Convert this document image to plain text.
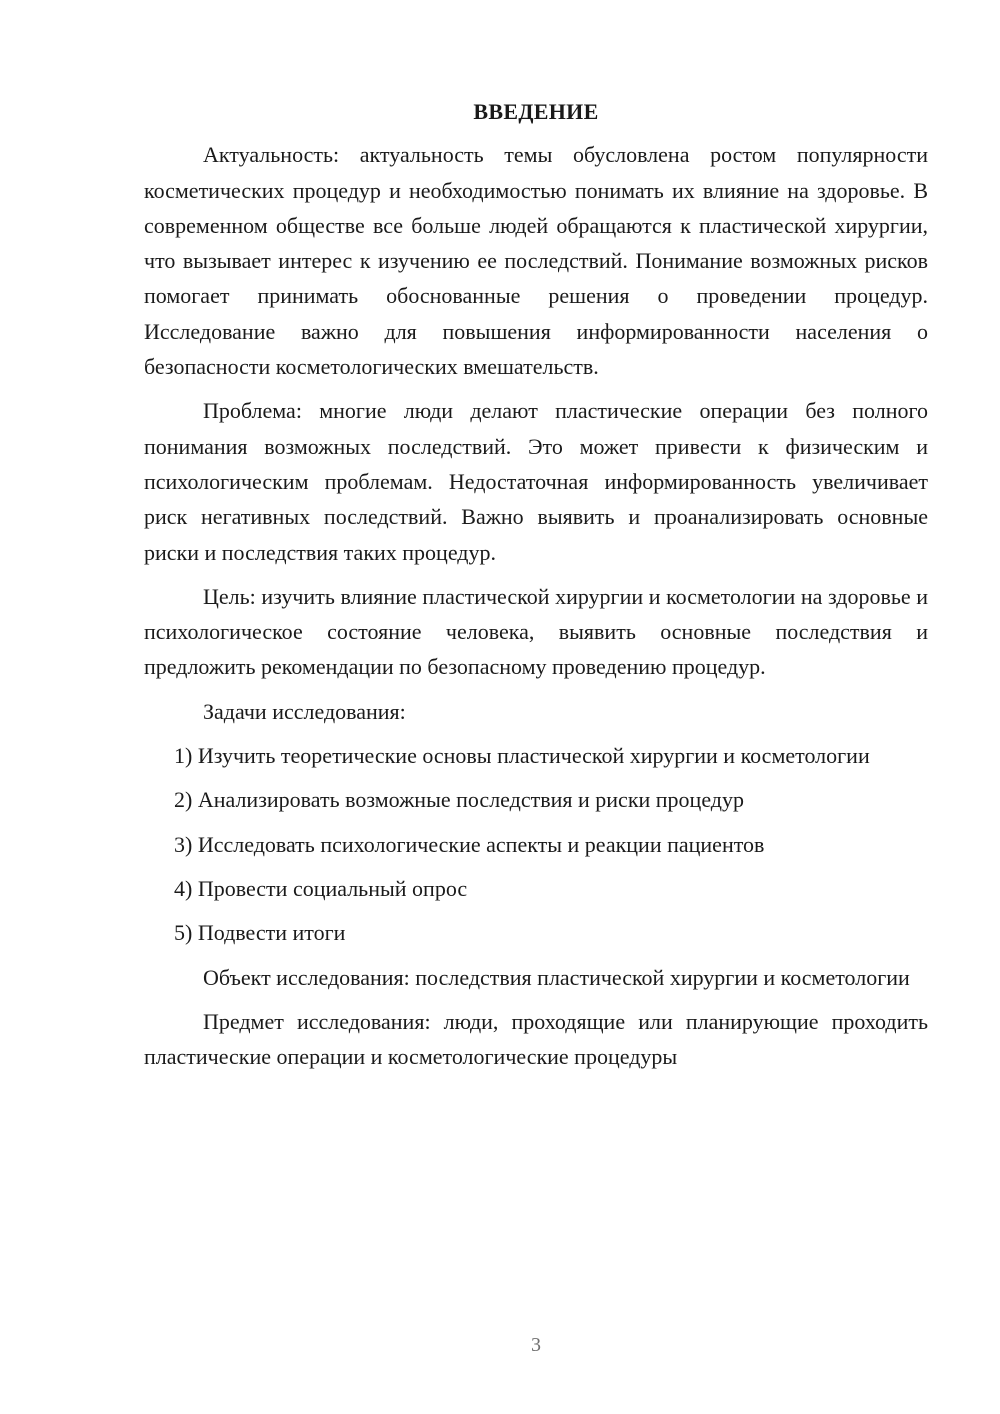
ВВЕДЕНИЕ

Актуальность: актуальность темы обусловлена ростом популярности косметических процедур и необходимостью понимать их влияние на здоровье. В современном обществе все больше людей обращаются к пластической хирургии, что вызывает интерес к изучению ее последствий. Понимание возможных рисков помогает принимать обоснованные решения о проведении процедур. Исследование важно для повышения информированности населения о безопасности косметологических вмешательств.

Проблема: многие люди делают пластические операции без полного понимания возможных последствий. Это может привести к физическим и психологическим проблемам. Недостаточная информированность увеличивает риск негативных последствий. Важно выявить и проанализировать основные риски и последствия таких процедур.

Цель: изучить влияние пластической хирургии и косметологии на здоровье и психологическое состояние человека, выявить основные последствия и предложить рекомендации по безопасному проведению процедур.

Задачи исследования:

1) Изучить теоретические основы пластической хирургии и косметологии

2) Анализировать возможные последствия и риски процедур

3) Исследовать психологические аспекты и реакции пациентов

4) Провести социальный опрос

5) Подвести итоги

Объект исследования: последствия пластической хирургии и косметологии

Предмет исследования: люди, проходящие или планирующие проходить пластические операции и косметологические процедуры

3
